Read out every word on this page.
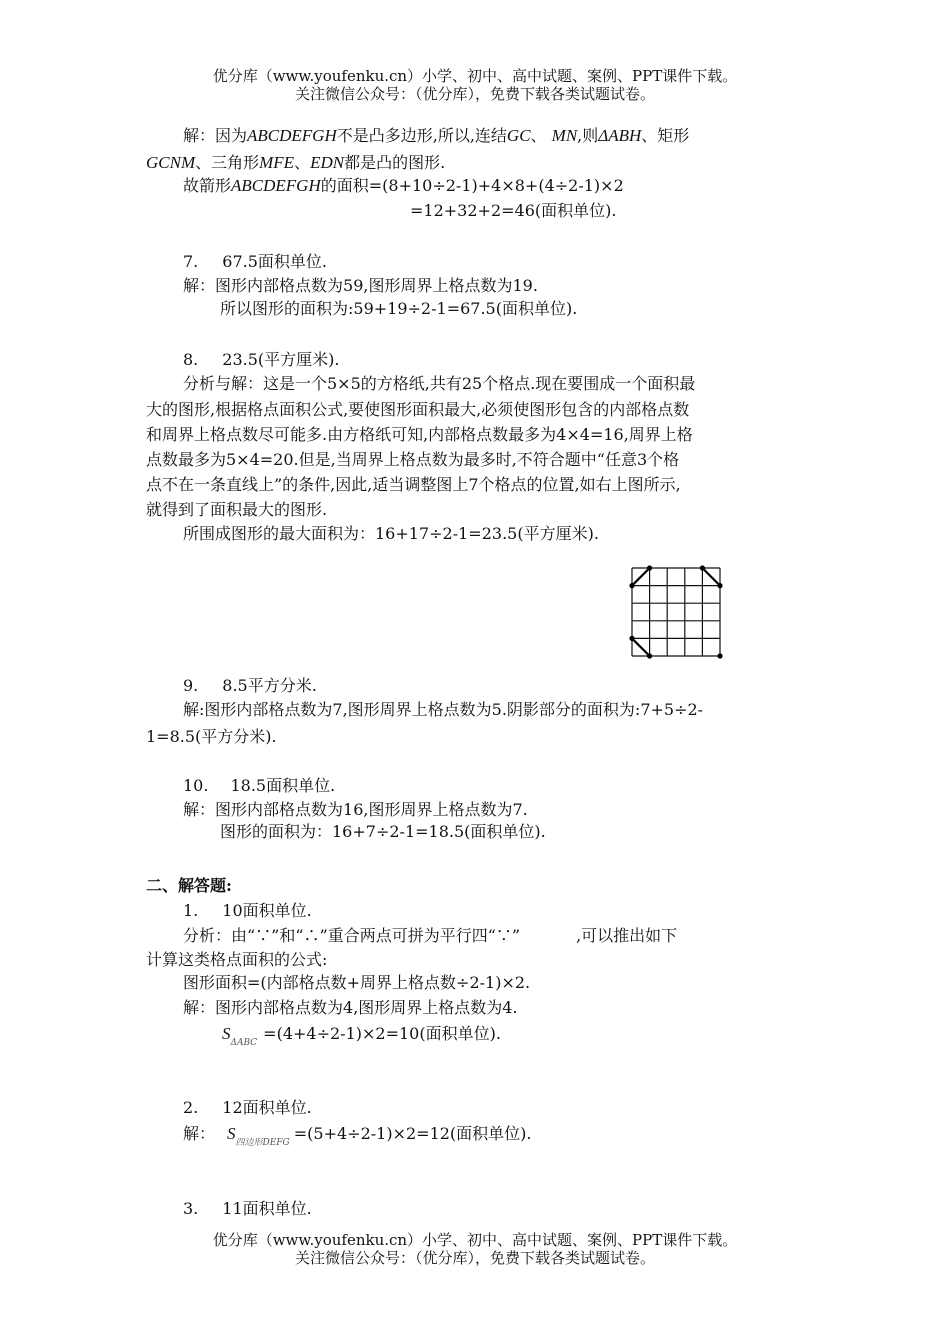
优分库（www.youfenku.cn）小学、初中、高中试题、案例、PPT课件下载。
关注微信公众号：（优分库），免费下载各类试题试卷。
解：因为ABCDEFGH不是凸多边形,所以,连结GC、 MN,则ΔABH、矩形
GCNM、三角形MFE、EDN都是凸的图形.
故箭形ABCDEFGH的面积=(8+10÷2-1)+4×8+(4÷2-1)×2
=12+32+2=46(面积单位).
7. 67.5面积单位.
解：图形内部格点数为59,图形周界上格点数为19.
所以图形的面积为:59+19÷2-1=67.5(面积单位).
8. 23.5(平方厘米).
分析与解：这是一个5×5的方格纸,共有25个格点.现在要围成一个面积最
大的图形,根据格点面积公式,要使图形面积最大,必须使图形包含的内部格点数
和周界上格点数尽可能多.由方格纸可知,内部格点数最多为4×4=16,周界上格
点数最多为5×4=20.但是,当周界上格点数为最多时,不符合题中“任意3个格
点不在一条直线上”的条件,因此,适当调整图上7个格点的位置,如右上图所示,
就得到了面积最大的图形.
所围成图形的最大面积为：16+17÷2-1=23.5(平方厘米).
9. 8.5平方分米.
解:图形内部格点数为7,图形周界上格点数为5.阴影部分的面积为:7+5÷2-
1=8.5(平方分米).
10. 18.5面积单位.
解：图形内部格点数为16,图形周界上格点数为7.
图形的面积为：16+7÷2-1=18.5(面积单位).
二、解答题:
1. 10面积单位.
分析：由“∵”和“∴”重合两点可拼为平行四“∵”	,可以推出如下
计算这类格点面积的公式:
图形面积=(内部格点数+周界上格点数÷2-1)×2.
解：图形内部格点数为4,图形周界上格点数为4.
$S_{\Delta ABC} =(4+4\div 2-1)\times 2=10$(面积单位).
2. 12面积单位.
解： $S_{四边形DEFG} =(5+4\div 2-1)\times 2=12$(面积单位).
3. 11面积单位.
优分库（www.youfenku.cn）小学、初中、高中试题、案例、PPT课件下载。
关注微信公众号：（优分库），免费下载各类试题试卷。
